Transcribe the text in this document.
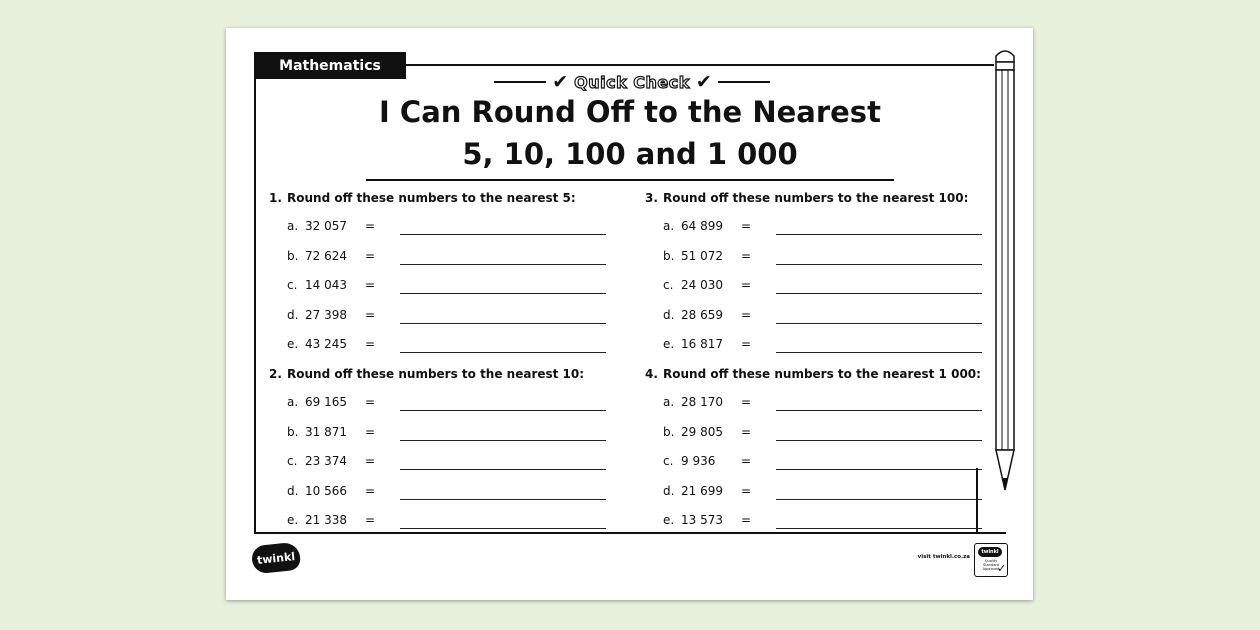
Mathematics
✔ Quick Check ✔
I Can Round Off to the Nearest
5, 10, 100 and 1 000
1. Round off these numbers to the nearest 5:
a. 32 057 =
b. 72 624 =
c. 14 043 =
d. 27 398 =
e. 43 245 =
2. Round off these numbers to the nearest 10:
a. 69 165 =
b. 31 871 =
c. 23 374 =
d. 10 566 =
e. 21 338 =
3. Round off these numbers to the nearest 100:
a. 64 899 =
b. 51 072 =
c. 24 030 =
d. 28 659 =
e. 16 817 =
4. Round off these numbers to the nearest 1 000:
a. 28 170 =
b. 29 805 =
c. 9 936 =
d. 21 699 =
e. 13 573 =
twinkl	visit twinkl.co.za
twinkl
Quality Standard Approved
✓
